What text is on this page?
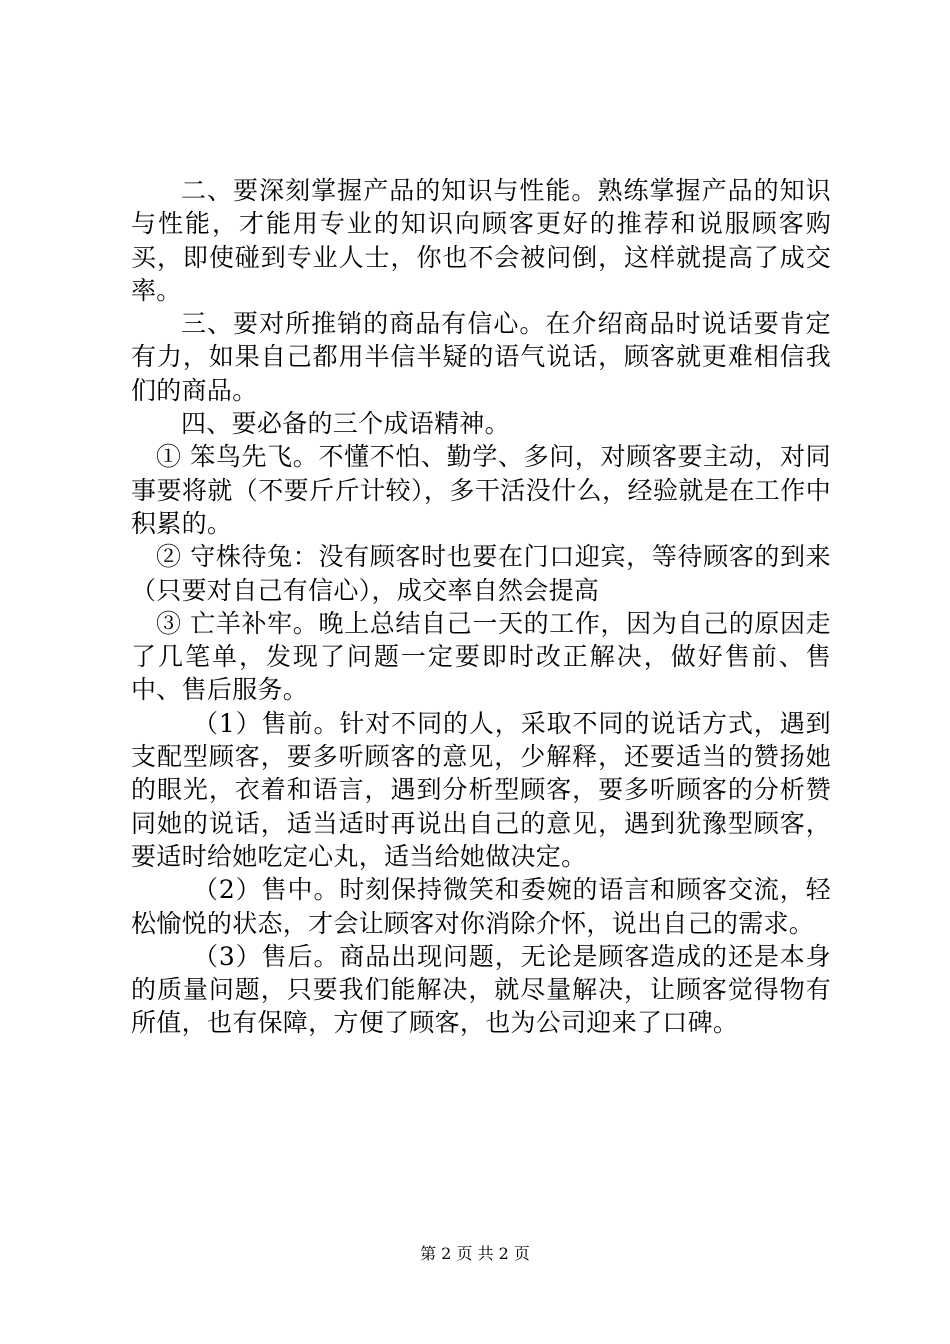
二、要深刻掌握产品的知识与性能。熟练掌握产品的知识与性能，才能用专业的知识向顾客更好的推荐和说服顾客购买，即使碰到专业人士，你也不会被问倒，这样就提高了成交率。

三、要对所推销的商品有信心。在介绍商品时说话要肯定有力，如果自己都用半信半疑的语气说话，顾客就更难相信我们的商品。

四、要必备的三个成语精神。

① 笨鸟先飞。不懂不怕、勤学、多问，对顾客要主动，对同事要将就（不要斤斤计较），多干活没什么，经验就是在工作中积累的。

② 守株待兔：没有顾客时也要在门口迎宾，等待顾客的到来（只要对自己有信心），成交率自然会提高

③ 亡羊补牢。晚上总结自己一天的工作，因为自己的原因走了几笔单，发现了问题一定要即时改正解决，做好售前、售中、售后服务。

（1）售前。针对不同的人，采取不同的说话方式，遇到支配型顾客，要多听顾客的意见，少解释，还要适当的赞扬她的眼光，衣着和语言，遇到分析型顾客，要多听顾客的分析赞同她的说话，适当适时再说出自己的意见，遇到犹豫型顾客，要适时给她吃定心丸，适当给她做决定。

（2）售中。时刻保持微笑和委婉的语言和顾客交流，轻松愉悦的状态，才会让顾客对你消除介怀，说出自己的需求。

（3）售后。商品出现问题，无论是顾客造成的还是本身的质量问题，只要我们能解决，就尽量解决，让顾客觉得物有所值，也有保障，方便了顾客，也为公司迎来了口碑。

第 2 页 共 2 页
